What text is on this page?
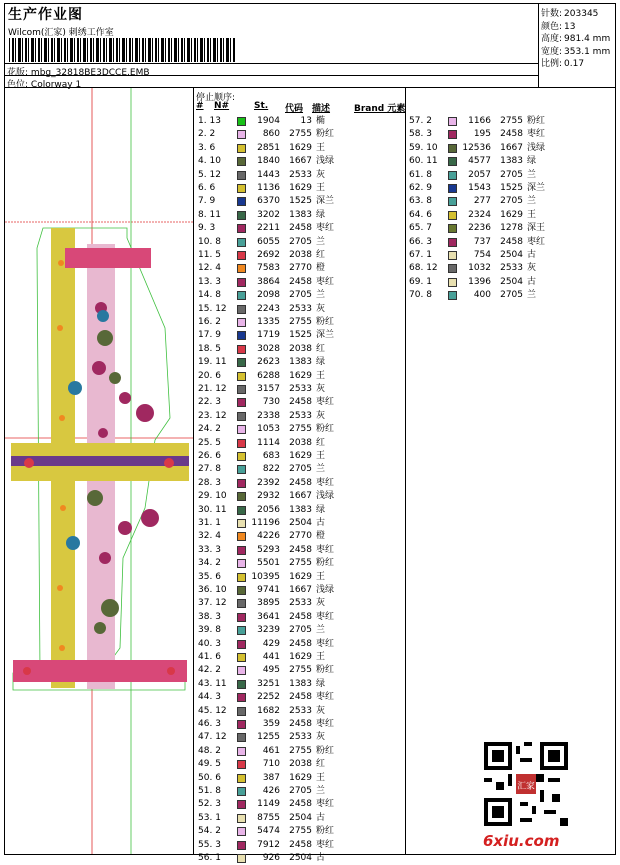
生产作业图
Wilcom(汇家) 刺绣工作室
花版: mbg_32818BE3DCCE.EMB
色位: Colorway 1
针数: 203345
颜色: 13
高度: 981.4 mm
宽度: 353.1 mm
比例: 0.17
停止顺序:
# N#	St. 代码 描述	Brand 元素
1. 13	1904	13 椭
2. 2	860	2755 粉红
3. 6	2851	1629 王
4. 10	1840	1667 浅绿
5. 12	1443	2533 灰
6. 6	1136	1629 王
7. 9	6370	1525 深兰
8. 11	3202	1383 绿
9. 3	2211	2458 枣红
10. 8	6055	2705 兰
11. 5	2692	2038 红
12. 4	7583	2770 橙
13. 3	3864	2458 枣红
14. 8	2098	2705 兰
15. 12	2243	2533 灰
16. 2	1335	2755 粉红
17. 9	1719	1525 深兰
18. 5	3028	2038 红
19. 11	2623	1383 绿
20. 6	6288	1629 王
21. 12	3157	2533 灰
22. 3	730	2458 枣红
23. 12	2338	2533 灰
24. 2	1053	2755 粉红
25. 5	1114	2038 红
26. 6	683	1629 王
27. 8	822	2705 兰
28. 3	2392	2458 枣红
29. 10	2932	1667 浅绿
30. 11	2056	1383 绿
31. 1	11196	2504 古
32. 4	4226	2770 橙
33. 3	5293	2458 枣红
34. 2	5501	2755 粉红
35. 6	10395	1629 王
36. 10	9741	1667 浅绿
37. 12	3895	2533 灰
38. 3	3641	2458 枣红
39. 8	3239	2705 兰
40. 3	429	2458 枣红
41. 6	441	1629 王
42. 2	495	2755 粉红
43. 11	3251	1383 绿
44. 3	2252	2458 枣红
45. 12	1682	2533 灰
46. 3	359	2458 枣红
47. 12	1255	2533 灰
48. 2	461	2755 粉红
49. 5	710	2038 红
50. 6	387	1629 王
51. 8	426	2705 兰
52. 3	1149	2458 枣红
53. 1	8755	2504 古
54. 2	5474	2755 粉红
55. 3	7912	2458 枣红
56. 1	926	2504 古
57. 2	1166	2755 粉红
58. 3	195	2458 枣红
59. 10	12536	1667 浅绿
60. 11	4577	1383 绿
61. 8	2057	2705 兰
62. 9	1543	1525 深兰
63. 8	277	2705 兰
64. 6	2324	1629 王
65. 7	2236	1278 深王
66. 3	737	2458 枣红
67. 1	754	2504 古
68. 12	1032	2533 灰
69. 1	1396	2504 古
70. 8	400	2705 兰
汇家
6xiu.com
